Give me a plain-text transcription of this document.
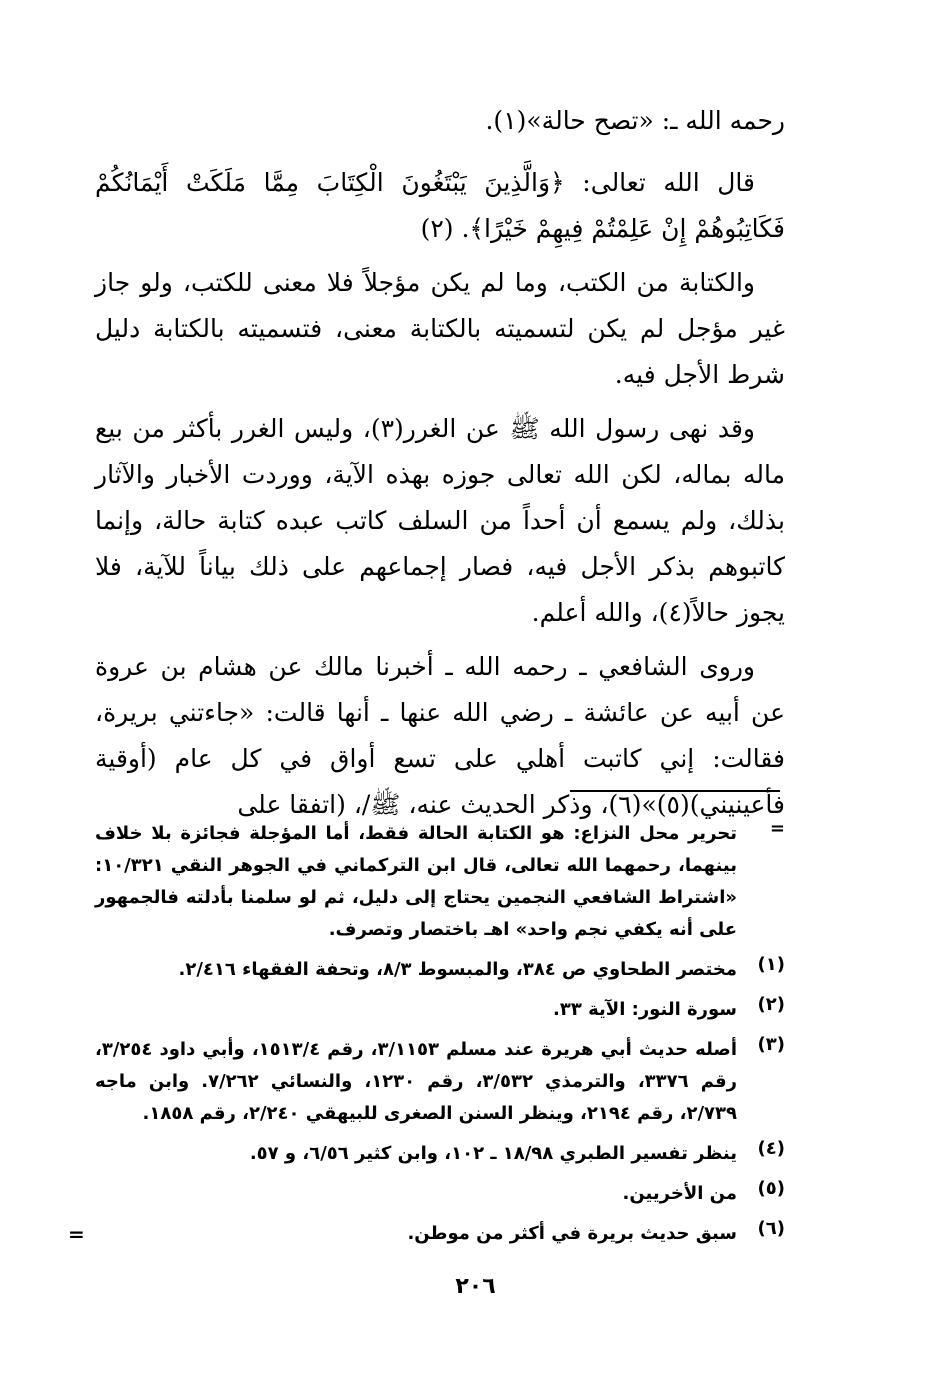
رحمه الله ـ: «تصح حالة»(١).

قال الله تعالى: ﴿وَالَّذِينَ يَبْتَغُونَ الْكِتَابَ مِمَّا مَلَكَتْ أَيْمَانُكُمْ فَكَاتِبُوهُمْ إِنْ عَلِمْتُمْ فِيهِمْ خَيْرًا﴾. (٢)

والكتابة من الكتب، وما لم يكن مؤجلاً فلا معنى للكتب، ولو جاز غير مؤجل لم يكن لتسميته بالكتابة معنى، فتسميته بالكتابة دليل شرط الأجل فيه.

وقد نهى رسول الله ﷺ عن الغرر(٣)، وليس الغرر بأكثر من بيع ماله بماله، لكن الله تعالى جوزه بهذه الآية، ووردت الأخبار والآثار بذلك، ولم يسمع أن أحداً من السلف كاتب عبده كتابة حالة، وإنما كاتبوهم بذكر الأجل فيه، فصار إجماعهم على ذلك بياناً للآية، فلا يجوز حالاً(٤)، والله أعلم.

وروى الشافعي ـ رحمه الله ـ أخبرنا مالك عن هشام بن عروة عن أبيه عن عائشة ـ رضي الله عنها ـ أنها قالت: «جاءتني بريرة، فقالت: إني كاتبت أهلي على تسع أواق في كل عام (أوقية فأعينيني)(٥)»(٦)، وذكر الحديث عنه، ﷺ/، (اتفقا على

=
تحرير محل النزاع: هو الكتابة الحالة فقط، أما المؤجلة فجائزة بلا خلاف بينهما، رحمهما الله تعالى، قال ابن التركماني في الجوهر النقي ١٠/٣٢١: «اشتراط الشافعي النجمين يحتاج إلى دليل، ثم لو سلمنا بأدلته فالجمهور على أنه يكفي نجم واحد» اهـ باختصار وتصرف.
(١)
مختصر الطحاوي ص ٣٨٤، والمبسوط ٨/٣، وتحفة الفقهاء ٢/٤١٦.
(٢)
سورة النور: الآية ٣٣.
(٣)
أصله حديث أبي هريرة عند مسلم ٣/١١٥٣، رقم ١٥١٣/٤، وأبي داود ٣/٢٥٤، رقم ٣٣٧٦، والترمذي ٣/٥٣٢، رقم ١٢٣٠، والنسائي ٧/٢٦٢. وابن ماجه ٢/٧٣٩، رقم ٢١٩٤، وينظر السنن الصغرى للبيهقي ٢/٢٤٠، رقم ١٨٥٨.
(٤)
ينظر تفسير الطبري ١٨/٩٨ ـ ١٠٢، وابن كثير ٦/٥٦، و ٥٧.
(٥)
من الأخريين.
(٦)
سبق حديث بريرة في أكثر من موطن.
=
٢٠٦
